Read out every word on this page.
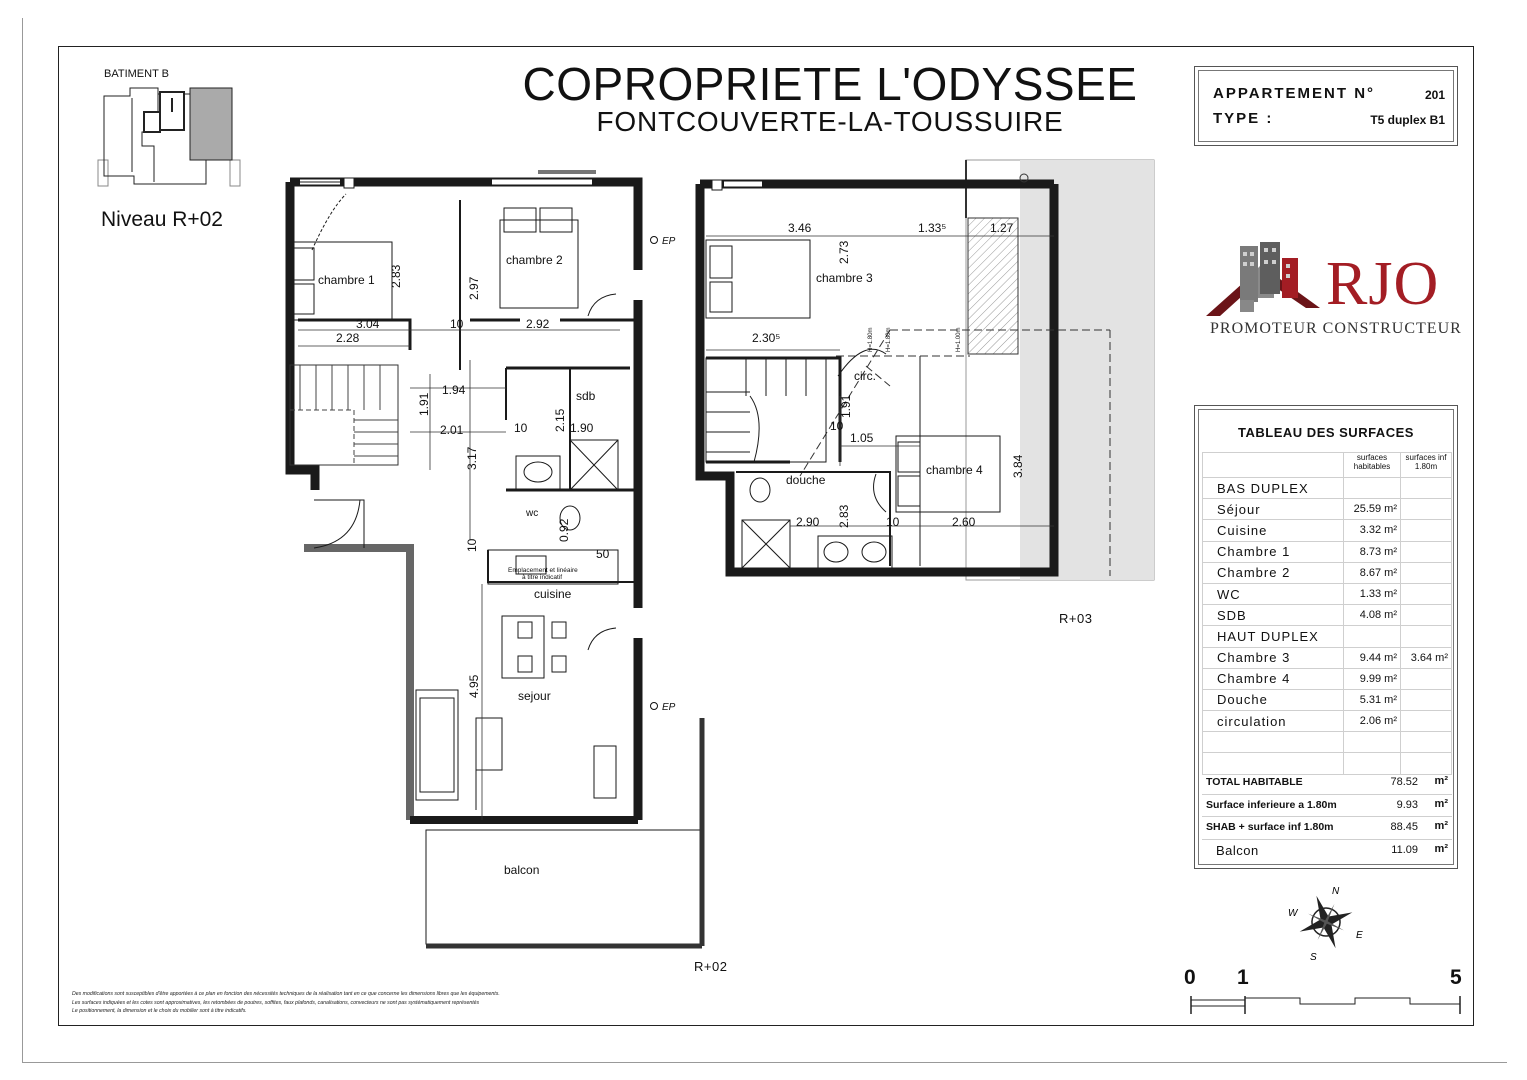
COPROPRIETE L'ODYSSEE
FONTCOUVERTE-LA-TOUSSUIRE
APPARTEMENT N°	201
TYPE :	T5 duplex B1
BATIMENT B
Niveau R+02
RJO
PROMOTEUR CONSTRUCTEUR
TABLEAU DES SURFACES
	surfaces habitables	surfaces inf 1.80m
BAS DUPLEX		
Séjour	25.59 m²	
Cuisine	3.32 m²	
Chambre 1	8.73 m²	
Chambre 2	8.67 m²	
WC	1.33 m²	
SDB	4.08 m²	
HAUT DUPLEX		
Chambre 3	9.44 m²	3.64 m²
Chambre 4	9.99 m²	
Douche	5.31 m²	
circulation	2.06 m²	

TOTAL HABITABLE	78.52 m²
Surface inferieure a 1.80m	9.93 m²
SHAB + surface inf 1.80m	88.45 m²
Balcon	11.09 m²
chambre 1
chambre 2
sdb
wc
cuisine
sejour
balcon
Emplacement et linéaire
à titre indicatif
EP
EP
3.04
2.28
2.92
2.83
2.97
1.94
1.91
2.01	2.15 1.90
3.17
0.92
50
4.95
10
10
10
R+02
chambre 3
chambre 4
circ.
douche
H=1.80m	H=1.00m
H=1.80m
3.46	1.33⁵	1.27
2.73
2.30⁵
1.91
1.05
3.84
2.90 2.83	2.60
10
10
R+03
N
E
S
W
0 1	5
Des modifications sont susceptibles d'être apportées à ce plan en fonction des nécessités techniques de la réalisation tant en ce que concerne les dimensions libres que les équipements.
Les surfaces indiquées et les cotes sont approximatives, les retombées de poutres, soffites, faux plafonds, canalisations, convecteurs ne sont pas systématiquement représentés
Le positionnement, la dimension et le choix du mobilier sont à titre indicatifs.
